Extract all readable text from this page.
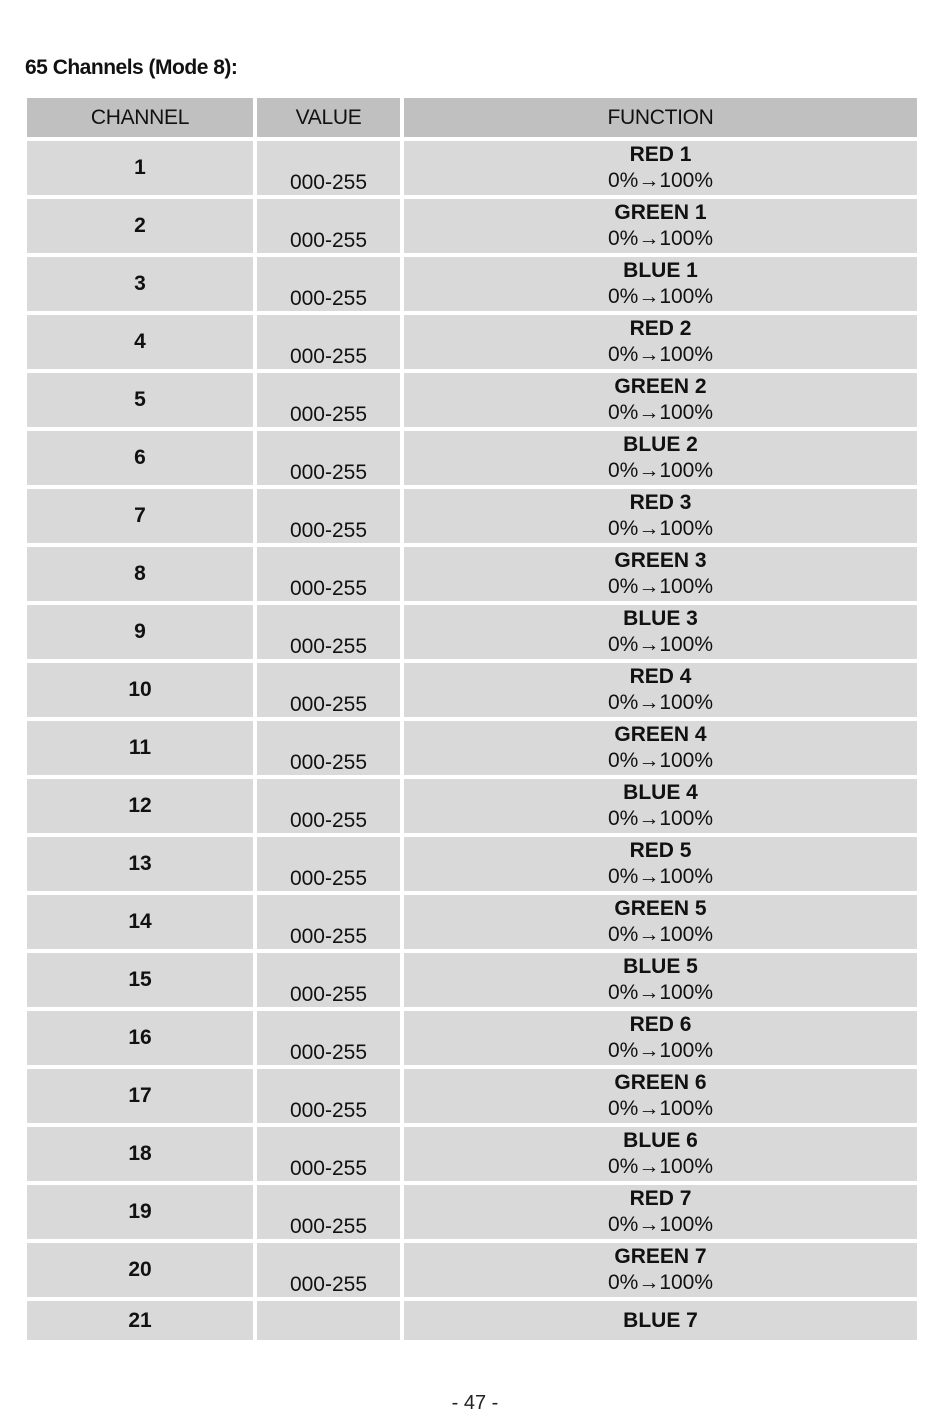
65 Channels (Mode 8):
CHANNEL	VALUE	FUNCTION
1	000-255	RED 1
0%→100%

2	000-255	GREEN 1
0%→100%

3	000-255	BLUE 1
0%→100%

4	000-255	RED 2
0%→100%

5	000-255	GREEN 2
0%→100%

6	000-255	BLUE 2
0%→100%

7	000-255	RED 3
0%→100%

8	000-255	GREEN 3
0%→100%

9	000-255	BLUE 3
0%→100%

10	000-255	RED 4
0%→100%

11	000-255	GREEN 4
0%→100%

12	000-255	BLUE 4
0%→100%

13	000-255	RED 5
0%→100%

14	000-255	GREEN 5
0%→100%

15	000-255	BLUE 5
0%→100%

16	000-255	RED 6
0%→100%

17	000-255	GREEN 6
0%→100%

18	000-255	BLUE 6
0%→100%

19	000-255	RED 7
0%→100%

20	000-255	GREEN 7
0%→100%

21		BLUE 7
- 47 -
